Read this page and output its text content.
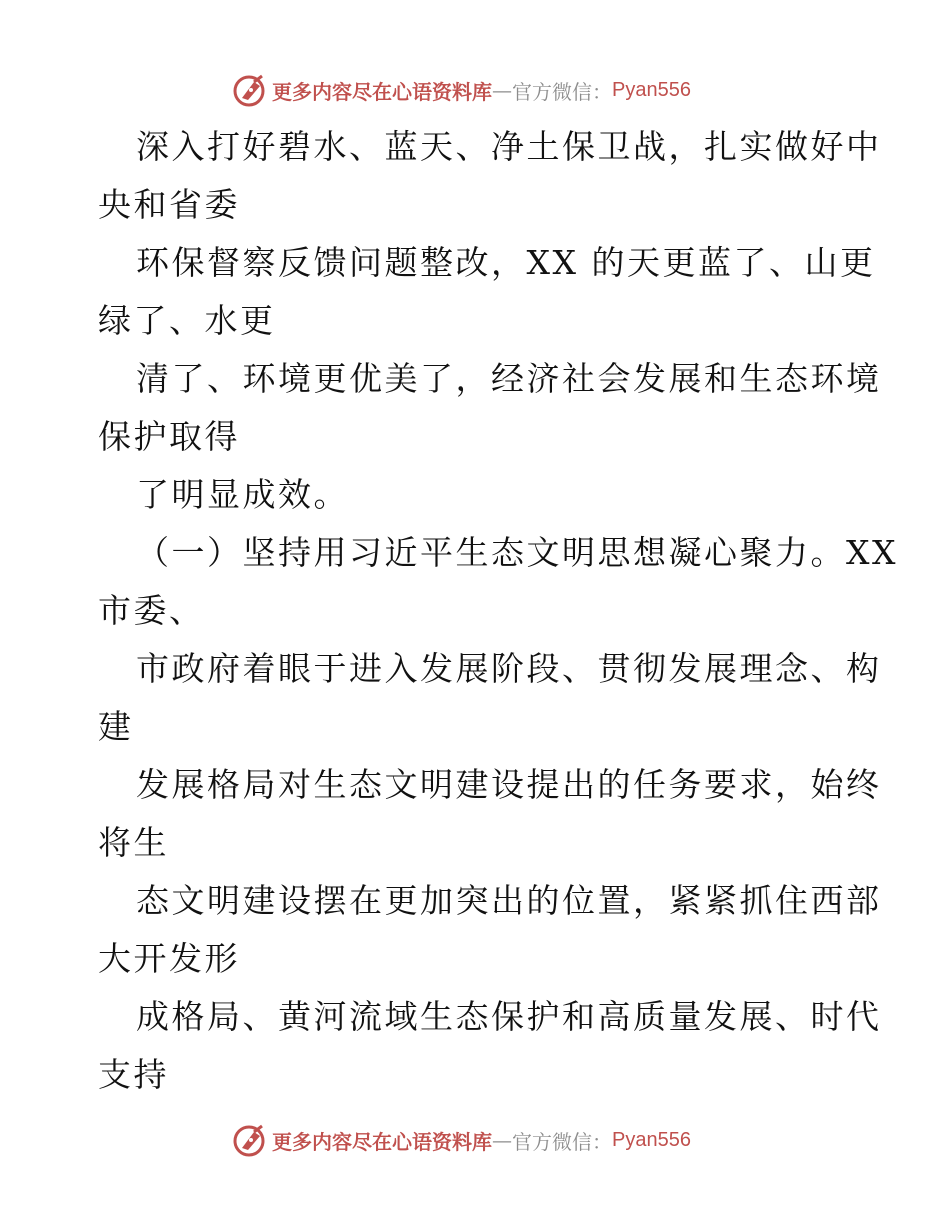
更多内容尽在心语资料库 — 官方微信： Pyan556
深入打好碧水、蓝天、净土保卫战，扎实做好中
央和省委
环保督察反馈问题整改，XX 的天更蓝了、山更
绿了、水更
清了、环境更优美了，经济社会发展和生态环境
保护取得
了明显成效。
（一）坚持用习近平生态文明思想凝心聚力。XX
市委、
市政府着眼于进入发展阶段、贯彻发展理念、构
建
发展格局对生态文明建设提出的任务要求，始终
将生
态文明建设摆在更加突出的位置，紧紧抓住西部
大开发形
成格局、黄河流域生态保护和高质量发展、时代
支持
更多内容尽在心语资料库 — 官方微信： Pyan556
